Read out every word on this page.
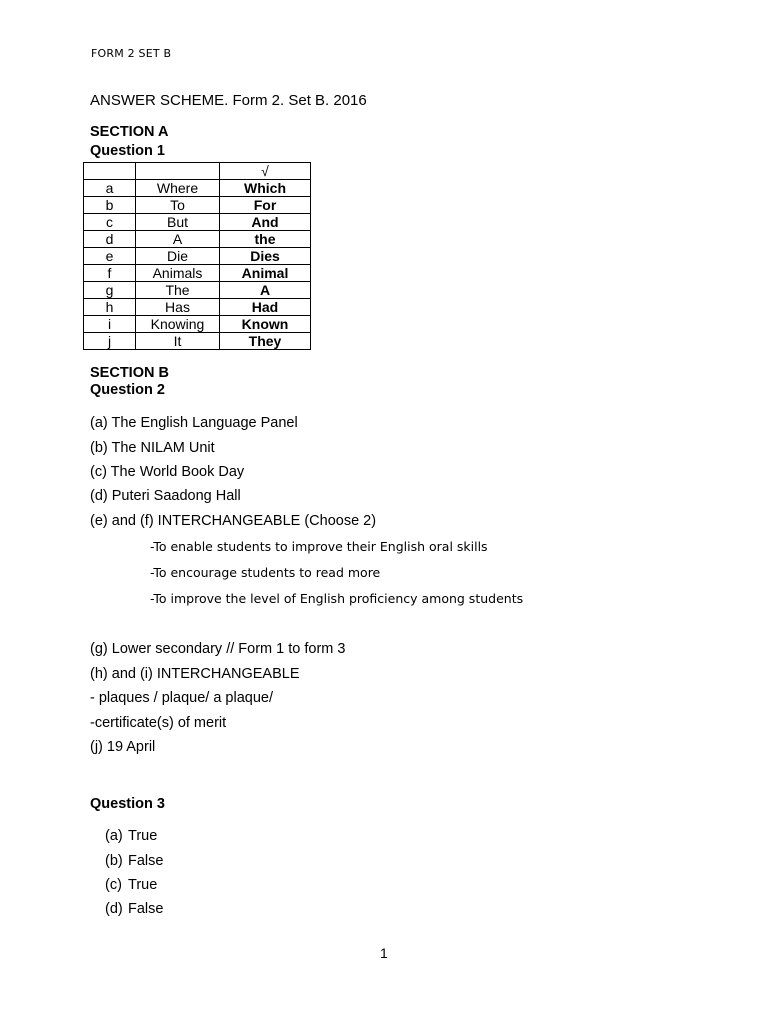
FORM 2 SET B
ANSWER SCHEME. Form 2. Set B. 2016
SECTION A
Question 1
		√
a	Where	Which
b	To	For
c	But	And
d	A	the
e	Die	Dies
f	Animals	Animal
g	The	A
h	Has	Had
i	Knowing	Known
j	It	They
SECTION B
Question 2
(a) The English Language Panel
(b) The NILAM Unit
(c) The World Book Day
(d) Puteri Saadong Hall
(e) and (f) INTERCHANGEABLE (Choose 2)
-To enable students to improve their English oral skills
-To encourage students to read more
-To improve the level of English proficiency among students
(g) Lower secondary // Form 1 to form 3
(h) and (i) INTERCHANGEABLE
- plaques / plaque/ a plaque/
-certificate(s) of merit
(j) 19 April
Question 3
(a) True
(b) False
(c) True
(d) False
1
